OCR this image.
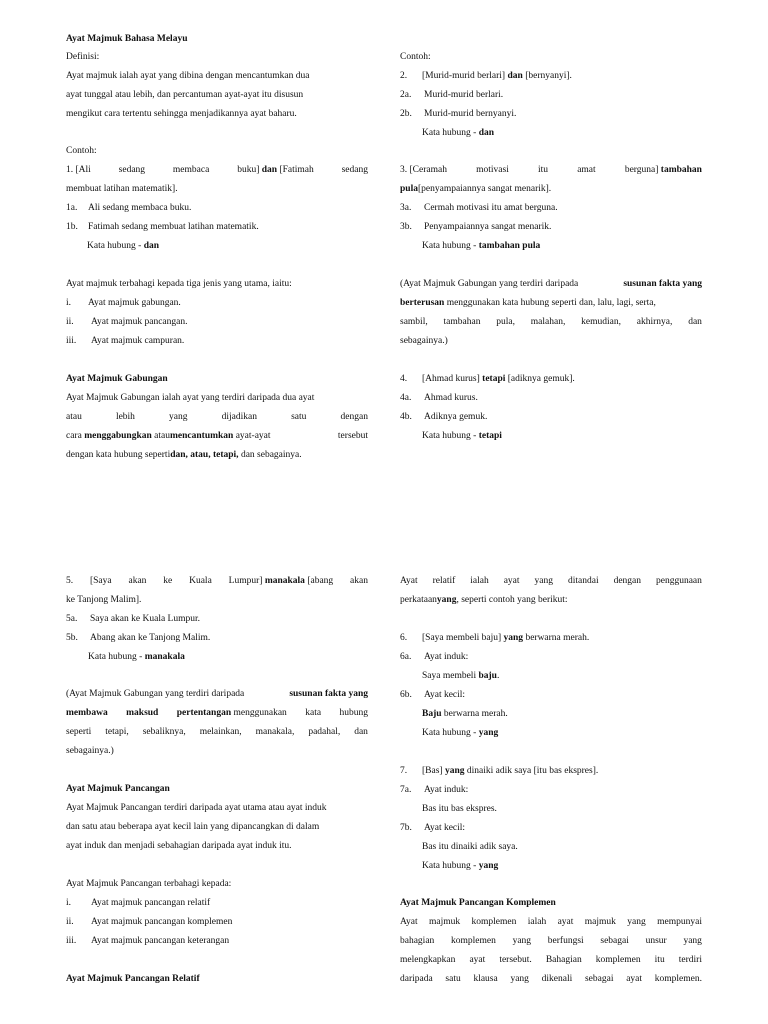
Ayat Majmuk Bahasa Melayu
Definisi:
Ayat majmuk ialah ayat yang dibina dengan mencantumkan dua
ayat tunggal atau lebih, dan percantuman ayat-ayat itu disusun
mengikut cara tertentu sehingga menjadikannya ayat baharu.
Contoh:
1. [Ali	sedang	membaca	buku] dan [Fatimah	sedang
membuat latihan matematik].
1a. Ali sedang membaca buku.
1b. Fatimah sedang membuat latihan matematik.
Kata hubung - dan
Ayat majmuk terbahagi kepada tiga jenis yang utama, iaitu:
i. Ayat majmuk gabungan.
ii. Ayat majmuk pancangan.
iii. Ayat majmuk campuran.
Ayat Majmuk Gabungan
Ayat Majmuk Gabungan ialah ayat yang terdiri daripada dua ayat
atau	lebih	yang	dijadikan	satu	dengan
cara menggabungkan ataumencantumkan ayat-ayat	tersebut
dengan kata hubung sepertidan, atau, tetapi, dan sebagainya.
Contoh:
2. [Murid-murid berlari] dan [bernyanyi].
2a. Murid-murid berlari.
2b. Murid-murid bernyanyi.
Kata hubung - dan
3. [Ceramah	motivasi	itu	amat	berguna] tambahan
pula[penyampaiannya sangat menarik].
3a. Cermah motivasi itu amat berguna.
3b. Penyampaiannya sangat menarik.
Kata hubung - tambahan pula
(Ayat Majmuk Gabungan yang terdiri daripada	susunan fakta yang
berterusan menggunakan kata hubung seperti dan, lalu, lagi, serta,
sambil, tambahan pula, malahan, kemudian, akhirnya, dan
sebagainya.)
4. [Ahmad kurus] tetapi [adiknya gemuk].
4a. Ahmad kurus.
4b. Adiknya gemuk.
Kata hubung - tetapi
5. [Saya akan ke Kuala Lumpur] manakala [abang akan
ke Tanjong Malim].
5a. Saya akan ke Kuala Lumpur.
5b. Abang akan ke Tanjong Malim.
Kata hubung - manakala
(Ayat Majmuk Gabungan yang terdiri daripada	susunan fakta yang
membawa maksud pertentangan menggunakan kata hubung
seperti tetapi, sebaliknya, melainkan, manakala, padahal, dan
sebagainya.)
Ayat Majmuk Pancangan
Ayat Majmuk Pancangan terdiri daripada ayat utama atau ayat induk
dan satu atau beberapa ayat kecil lain yang dipancangkan di dalam
ayat induk dan menjadi sebahagian daripada ayat induk itu.
Ayat Majmuk Pancangan terbahagi kepada:
i. Ayat majmuk pancangan relatif
ii. Ayat majmuk pancangan komplemen
iii. Ayat majmuk pancangan keterangan
Ayat Majmuk Pancangan Relatif
Ayat relatif ialah ayat yang ditandai dengan penggunaan
perkataanyang, seperti contoh yang berikut:
6. [Saya membeli baju] yang berwarna merah.
6a. Ayat induk:
Saya membeli baju.
6b. Ayat kecil:
Baju berwarna merah.
Kata hubung - yang
7. [Bas] yang dinaiki adik saya [itu bas ekspres].
7a. Ayat induk:
Bas itu bas ekspres.
7b. Ayat kecil:
Bas itu dinaiki adik saya.
Kata hubung - yang
Ayat Majmuk Pancangan Komplemen
Ayat majmuk komplemen ialah ayat majmuk yang mempunyai
bahagian komplemen yang berfungsi sebagai unsur yang
melengkapkan ayat tersebut. Bahagian komplemen itu terdiri
daripada satu klausa yang dikenali sebagai ayat komplemen.
